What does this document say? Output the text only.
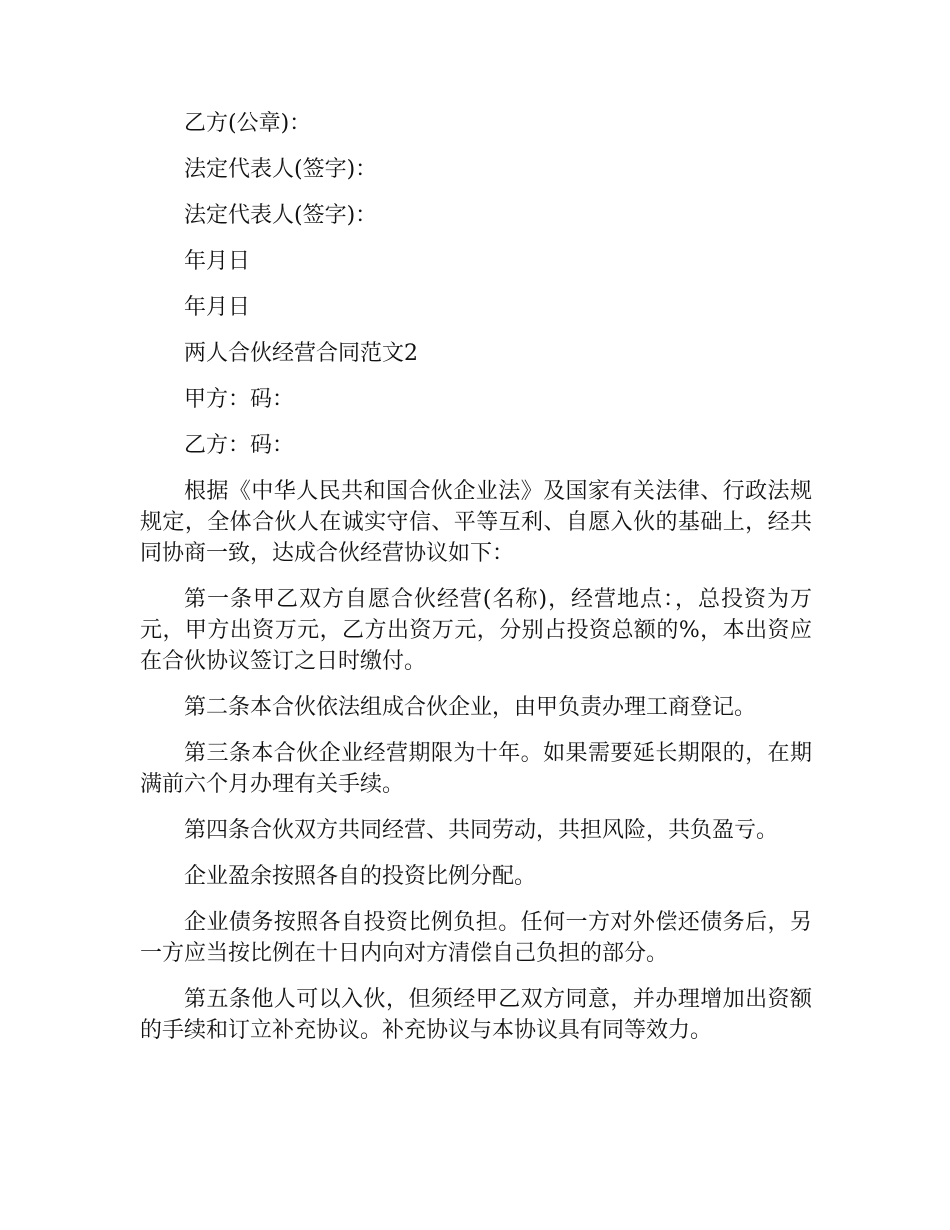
乙方(公章)：

法定代表人(签字)：

法定代表人(签字)：

年月日

年月日

两人合伙经营合同范文2

甲方：码：

乙方：码：

根据《中华人民共和国合伙企业法》及国家有关法律、行政法规规定，全体合伙人在诚实守信、平等互利、自愿入伙的基础上，经共同协商一致，达成合伙经营协议如下：

第一条甲乙双方自愿合伙经营(名称)，经营地点：，总投资为万元，甲方出资万元，乙方出资万元，分别占投资总额的%，本出资应在合伙协议签订之日时缴付。

第二条本合伙依法组成合伙企业，由甲负责办理工商登记。

第三条本合伙企业经营期限为十年。如果需要延长期限的，在期满前六个月办理有关手续。

第四条合伙双方共同经营、共同劳动，共担风险，共负盈亏。

企业盈余按照各自的投资比例分配。

企业债务按照各自投资比例负担。任何一方对外偿还债务后，另一方应当按比例在十日内向对方清偿自己负担的部分。

第五条他人可以入伙，但须经甲乙双方同意，并办理增加出资额的手续和订立补充协议。补充协议与本协议具有同等效力。
